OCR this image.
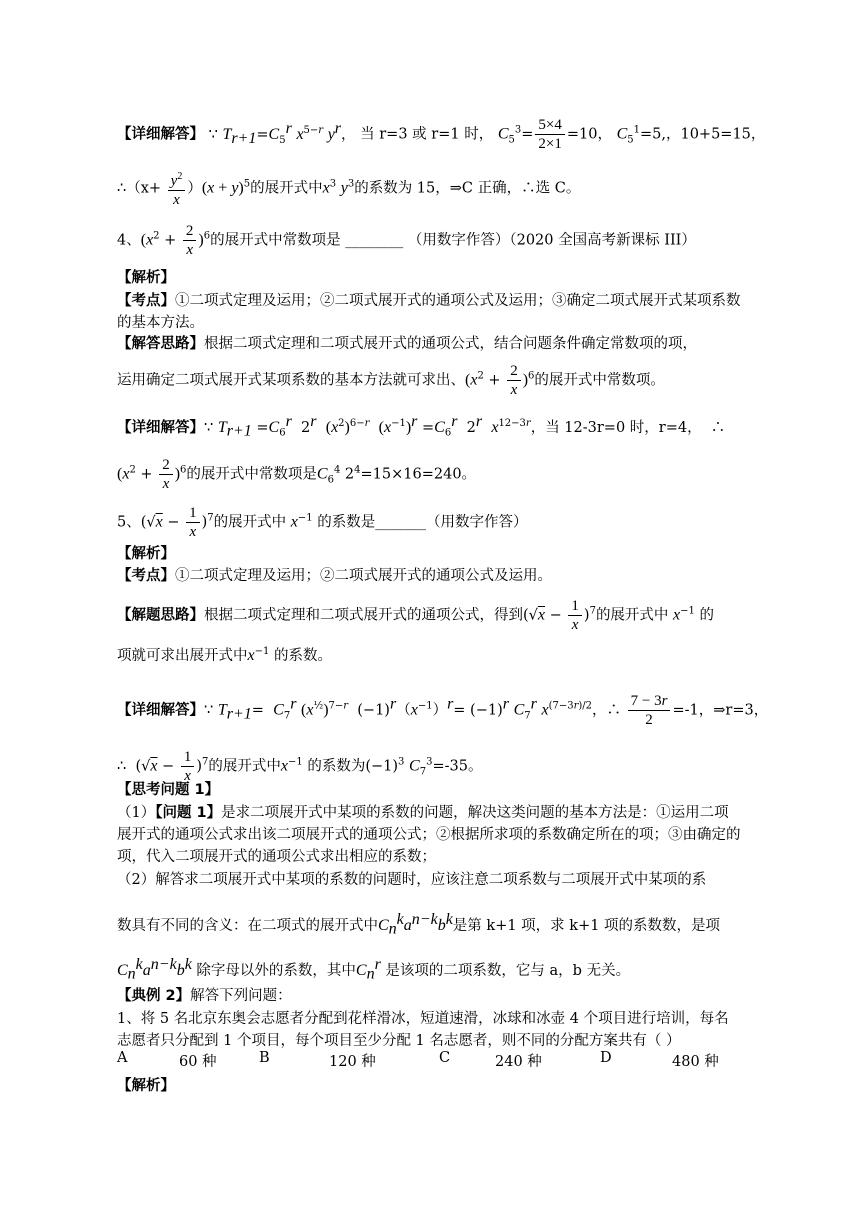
【详细解答】 ∵ $T_{r+1}=C_5^r$ $x^{5-r}$ $y^r$， 当 r=3 或 r=1 时， $C_5^3= \frac{5\times 4}{2\times 1} =10$， $C_5^1=5$,，10+5=15，
∴（x+ $\frac{y^2}{x} )(x + y)^5$的展开式中$x^3$ $y^3$的系数为 15，⇒C 正确，∴选 C。
4、$(x^2 + \frac{2}{x} )^6$的展开式中常数项是 ________ （用数字作答）（2020 全国高考新课标 III）
【解析】
【考点】①二项式定理及运用；②二项式展开式的通项公式及运用；③确定二项式展开式某项系数的基本方法。
【解答思路】根据二项式定理和二项式展开式的通项公式，结合问题条件确定常数项的项，
运用确定二项式展开式某项系数的基本方法就可求出、$(x^2 + \frac{2}{x} )^6$的展开式中常数项。
【详细解答】∵ $T_{r+1} =C_6^r$  2$^r$ $(x^2)^{6-r}$ $(x^{-1})^r =C_6^r$  2$^r$ $x^{12-3r}$，当 12-3r=0 时，r=4，  ∴
$(x^2 + \frac{2}{x} )^6$的展开式中常数项是$C_6^4$ $2^4=15\times 16=240$。
5、$(√x - \frac{1}{x} )^7$的展开式中 $x^{-1}$ 的系数是_______（用数字作答）
【解析】
【考点】①二项式定理及运用；②二项式展开式的通项公式及运用。
【解题思路】根据二项式定理和二项式展开式的通项公式，得到$(√x - \frac{1}{x} )^7$的展开式中 $x^{-1}$ 的
项就可求出展开式中$x^{-1}$ 的系数。
【详细解答】∵ $T_{r+1}= C_7^r$ $(x^{\frac{1}{2}})^{7-r}$  $(-1)^r(x^{-1})^r= (-1)^r$ $C_7^r$ $x^{(7-3r)/2}$，∴ $\frac{7 - 3r}{2} =-1$，⇒r=3，
∴  $(√x - \frac{1}{x} )^7$的展开式中$x^{-1}$ 的系数为$(-1)^3$ $C_7^3=-35$。
【思考问题 1】
（1）【问题 1】是求二项展开式中某项的系数的问题，解决这类问题的基本方法是：①运用二项展开式的通项公式求出该二项展开式的通项公式；②根据所求项的系数确定所在的项；③由确定的项，代入二项展开式的通项公式求出相应的系数；
（2）解答求二项展开式中某项的系数的问题时，应该注意二项系数与二项展开式中某项的系
数具有不同的含义：在二项式的展开式中$C_n^ka^{n-k}b^k$是第 k+1 项，求 k+1 项的系数数，是项
$C_n^ka^{n-k}b^k$ 除字母以外的系数，其中$C_n^r$ 是该项的二项系数，它与 a，b 无关。
【典例 2】解答下列问题：
1、将 5 名北京东奥会志愿者分配到花样滑冰，短道速滑，冰球和冰壶 4 个项目进行培训，每名志愿者只分配到 1 个项目，每个项目至少分配 1 名志愿者，则不同的分配方案共有（ ）
A	60 种	B	120 种	C	240 种	D	480 种
【解析】
